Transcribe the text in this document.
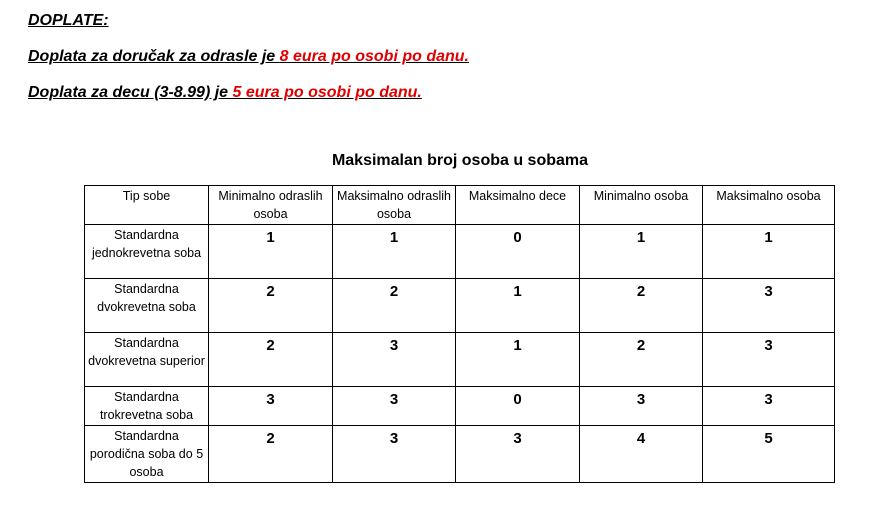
DOPLATE:
Doplata za doručak za odrasle je 8 eura po osobi po danu.
Doplata za decu (3-8.99) je 5 eura po osobi po danu.
Maksimalan broj osoba u sobama
Tip sobe	Minimalno odraslih osoba	Maksimalno odraslih osoba	Maksimalno dece	Minimalno osoba	Maksimalno osoba
Standardna jednokrevetna soba	1	1	0	1	1
Standardna dvokrevetna soba	2	2	1	2	3
Standardna dvokrevetna superior	2	3	1	2	3
Standardna trokrevetna soba	3	3	0	3	3
Standardna porodična soba do 5 osoba	2	3	3	4	5
